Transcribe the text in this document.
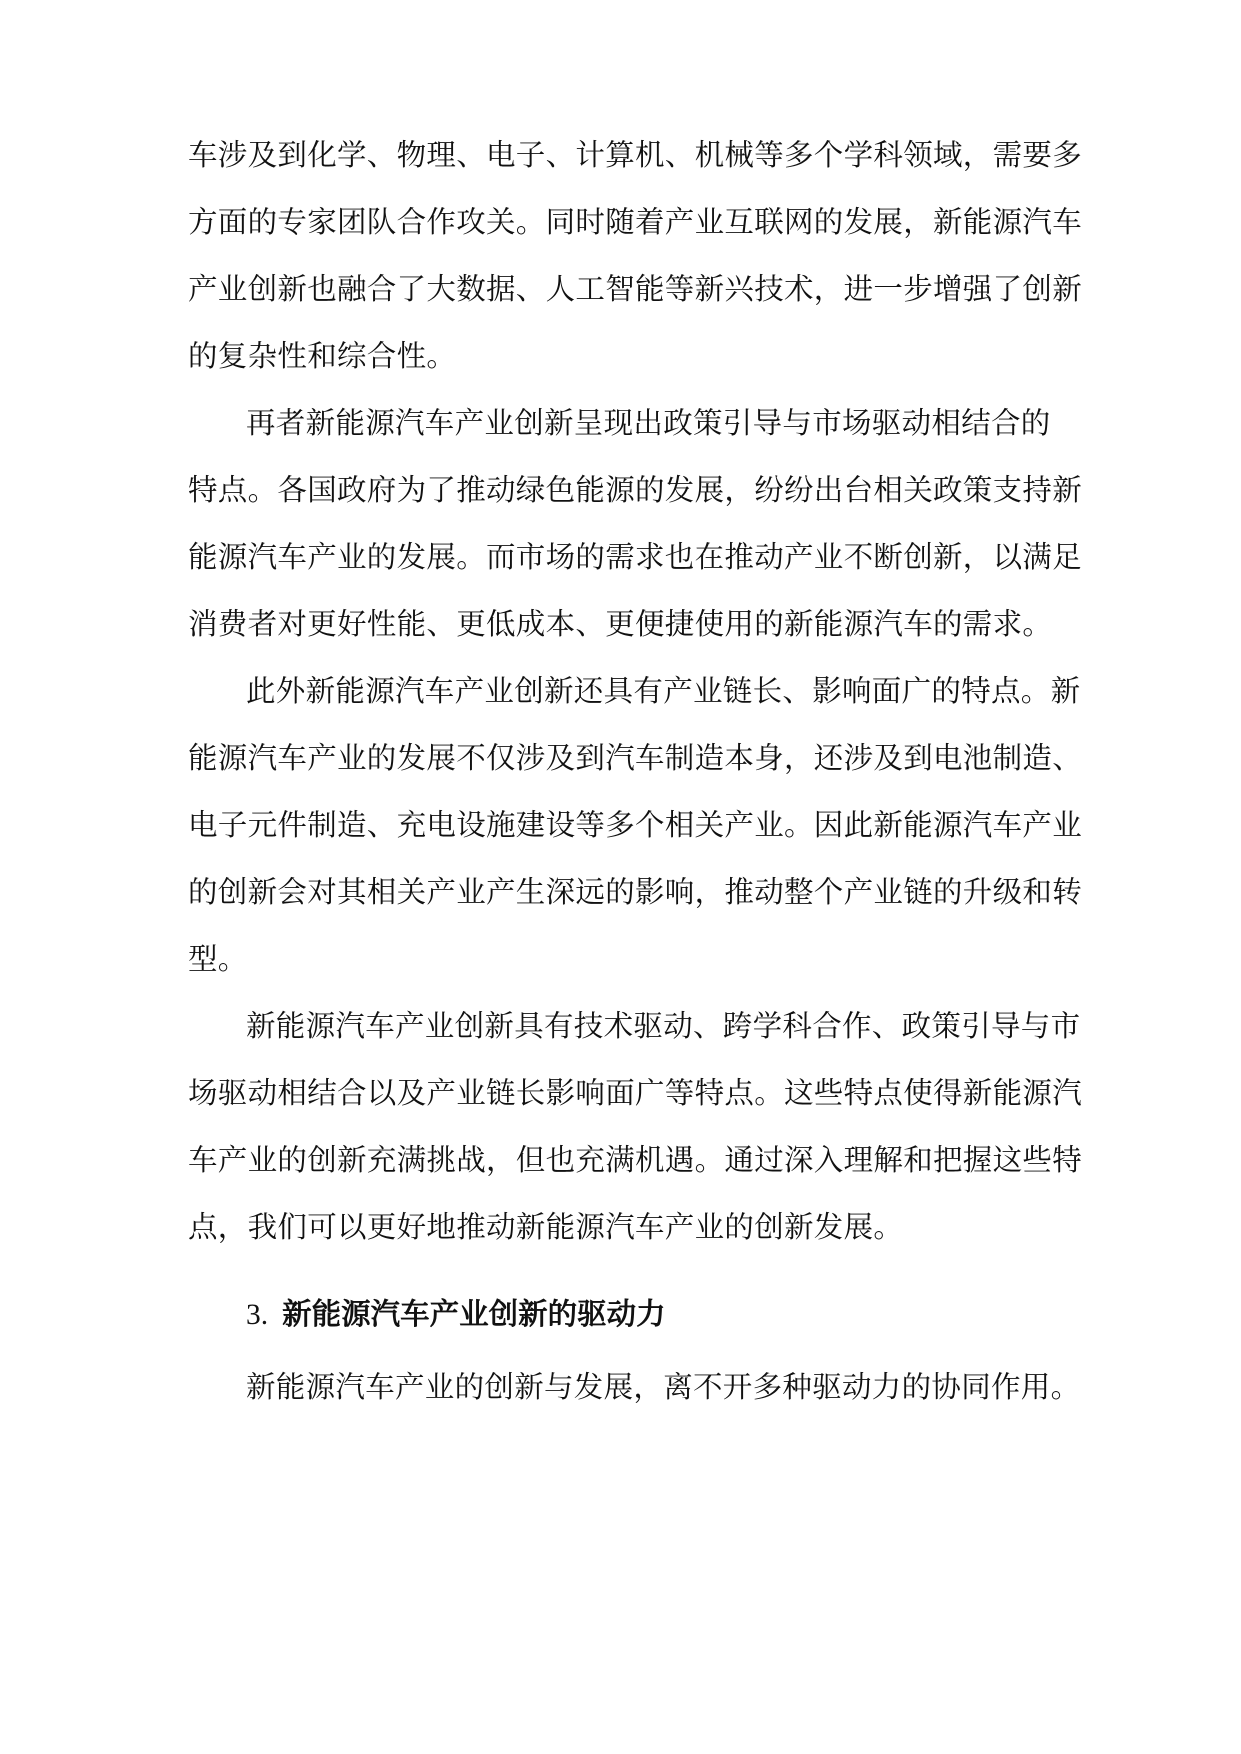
车涉及到化学、物理、电子、计算机、机械等多个学科领域，需要多
方面的专家团队合作攻关。同时随着产业互联网的发展，新能源汽车
产业创新也融合了大数据、人工智能等新兴技术，进一步增强了创新
的复杂性和综合性。
再者新能源汽车产业创新呈现出政策引导与市场驱动相结合的
特点。各国政府为了推动绿色能源的发展，纷纷出台相关政策支持新
能源汽车产业的发展。而市场的需求也在推动产业不断创新，以满足
消费者对更好性能、更低成本、更便捷使用的新能源汽车的需求。
此外新能源汽车产业创新还具有产业链长、影响面广的特点。新
能源汽车产业的发展不仅涉及到汽车制造本身，还涉及到电池制造、
电子元件制造、充电设施建设等多个相关产业。因此新能源汽车产业
的创新会对其相关产业产生深远的影响，推动整个产业链的升级和转
型。
新能源汽车产业创新具有技术驱动、跨学科合作、政策引导与市
场驱动相结合以及产业链长影响面广等特点。这些特点使得新能源汽
车产业的创新充满挑战，但也充满机遇。通过深入理解和把握这些特
点，我们可以更好地推动新能源汽车产业的创新发展。
3. 新能源汽车产业创新的驱动力
新能源汽车产业的创新与发展，离不开多种驱动力的协同作用。
